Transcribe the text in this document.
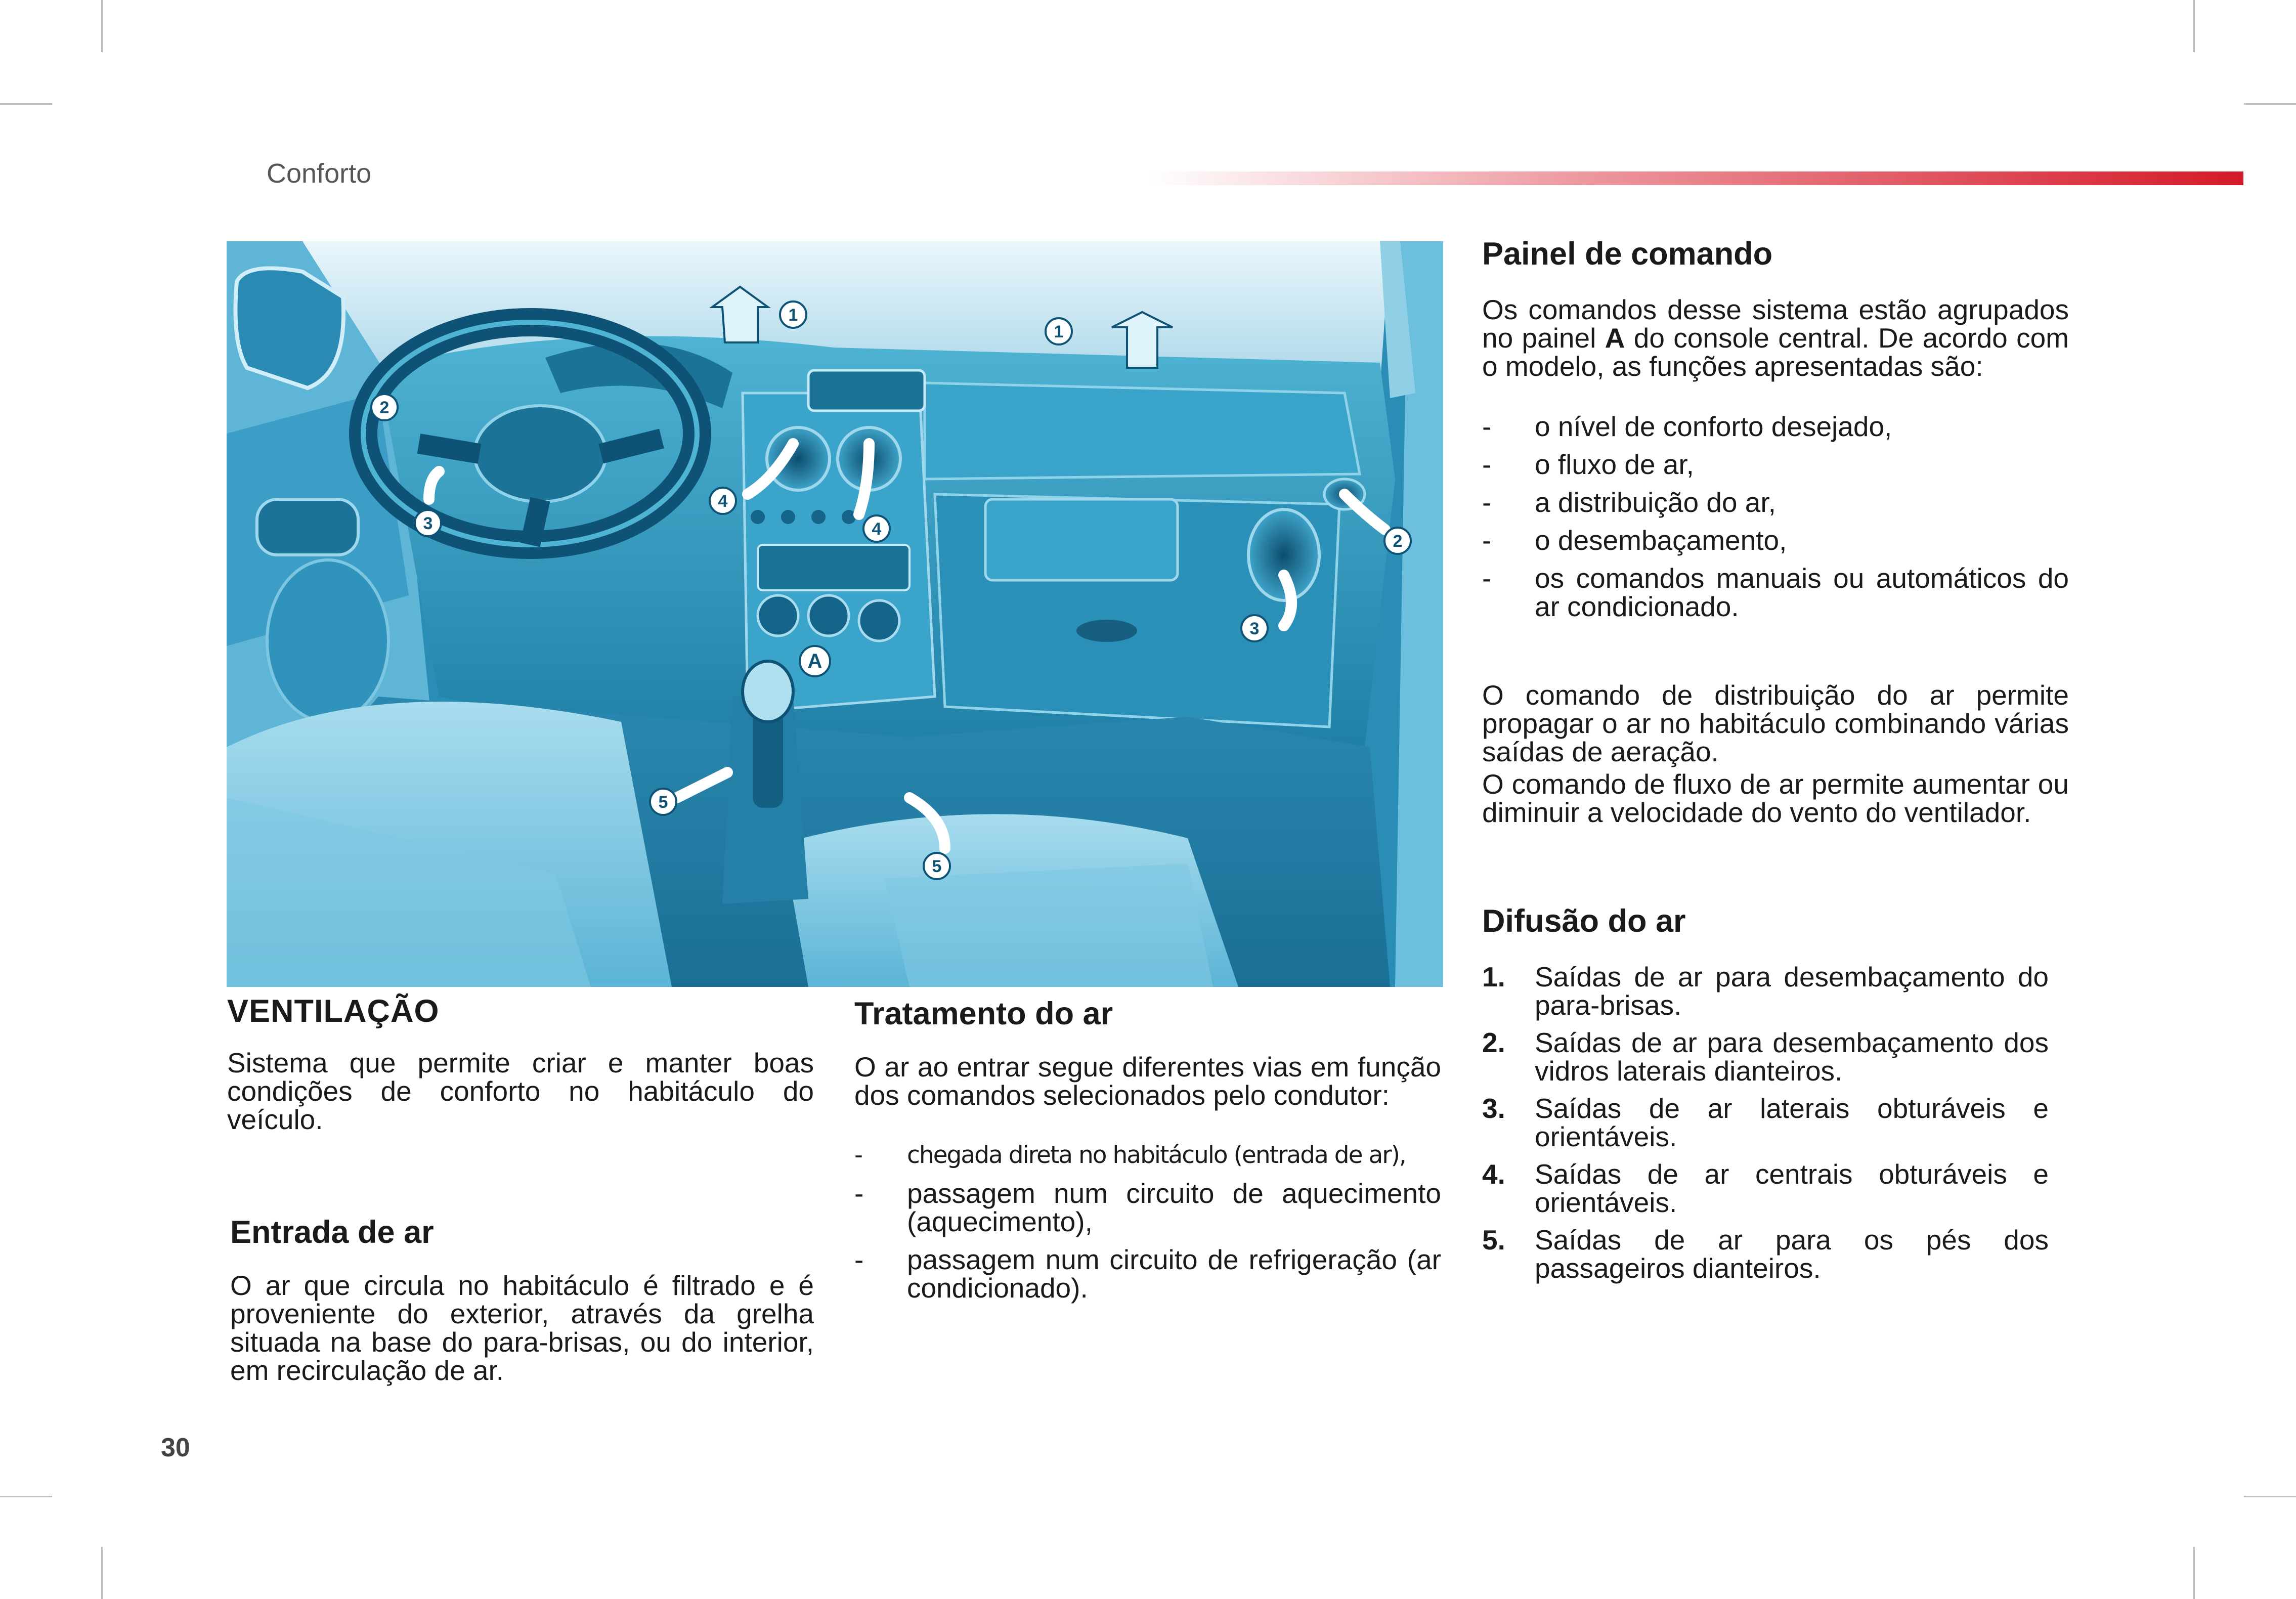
Conforto
1
1
2
2
3
3
4
4
5
5
A
VENTILAÇÃO

Sistema que permite criar e manter boas condições de conforto no habitáculo do veículo.

Entrada de ar

O ar que circula no habitáculo é filtrado e é proveniente do exterior, através da grelha situada na base do para-brisas, ou do interior, em recirculação de ar.

Tratamento do ar

O ar ao entrar segue diferentes vias em função dos comandos selecionados pelo condutor:

- chegada direta no habitáculo (entrada de ar),
- passagem num circuito de aquecimento (aquecimento),
- passagem num circuito de refrigeração (ar condicionado).
Painel de comando

Os comandos desse sistema estão agrupados no painel A do console central. De acordo com o modelo, as funções apresentadas são:

- o nível de conforto desejado,
- o fluxo de ar,
- a distribuição do ar,
- o desembaçamento,
- os comandos manuais ou automáticos do ar condicionado.

O comando de distribuição do ar permite propagar o ar no habitáculo combinando várias saídas de aeração.

O comando de fluxo de ar permite aumentar ou diminuir a velocidade do vento do ventilador.

Difusão do ar
1. Saídas de ar para desembaçamento do para-brisas.
2. Saídas de ar para desembaçamento dos vidros laterais dianteiros.
3. Saídas de ar laterais obturáveis e orientáveis.
4. Saídas de ar centrais obturáveis e orientáveis.
5. Saídas de ar para os pés dos passageiros dianteiros.
30
